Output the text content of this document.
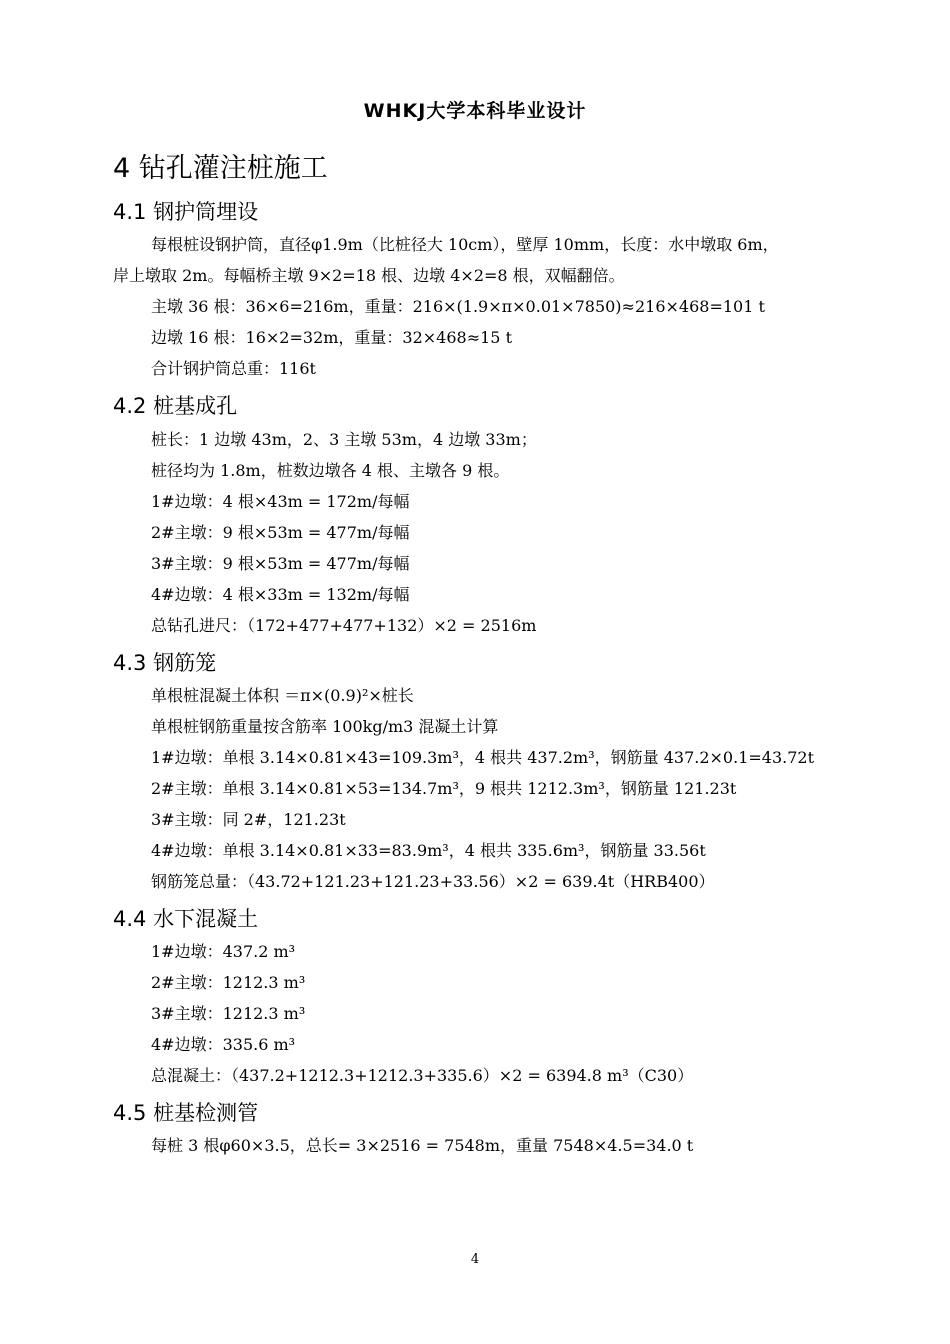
WHKJ大学本科毕业设计
4 钻孔灌注桩施工
4.1 钢护筒埋设
每根桩设钢护筒，直径φ1.9m（比桩径大 10cm），壁厚 10mm，长度：水中墩取 6m，
岸上墩取 2m。每幅桥主墩 9×2=18 根、边墩 4×2=8 根，双幅翻倍。
主墩 36 根：36×6=216m，重量：216×(1.9×π×0.01×7850)≈216×468=101 t
边墩 16 根：16×2=32m，重量：32×468≈15 t
合计钢护筒总重：116t
4.2 桩基成孔
桩长：1 边墩 43m，2、3 主墩 53m，4 边墩 33m；
桩径均为 1.8m，桩数边墩各 4 根、主墩各 9 根。
1#边墩：4 根×43m = 172m/每幅
2#主墩：9 根×53m = 477m/每幅
3#主墩：9 根×53m = 477m/每幅
4#边墩：4 根×33m = 132m/每幅
总钻孔进尺：（172+477+477+132）×2 = 2516m
4.3 钢筋笼
单根桩混凝土体积 ＝π×(0.9)²×桩长
单根桩钢筋重量按含筋率 100kg/m3 混凝土计算
1#边墩：单根 3.14×0.81×43=109.3m³，4 根共 437.2m³，钢筋量 437.2×0.1=43.72t
2#主墩：单根 3.14×0.81×53=134.7m³，9 根共 1212.3m³，钢筋量 121.23t
3#主墩：同 2#，121.23t
4#边墩：单根 3.14×0.81×33=83.9m³，4 根共 335.6m³，钢筋量 33.56t
钢筋笼总量：（43.72+121.23+121.23+33.56）×2 = 639.4t（HRB400）
4.4 水下混凝土
1#边墩：437.2 m³
2#主墩：1212.3 m³
3#主墩：1212.3 m³
4#边墩：335.6 m³
总混凝土：（437.2+1212.3+1212.3+335.6）×2 = 6394.8 m³（C30）
4.5 桩基检测管
每桩 3 根φ60×3.5，总长= 3×2516 = 7548m，重量 7548×4.5=34.0 t
4
